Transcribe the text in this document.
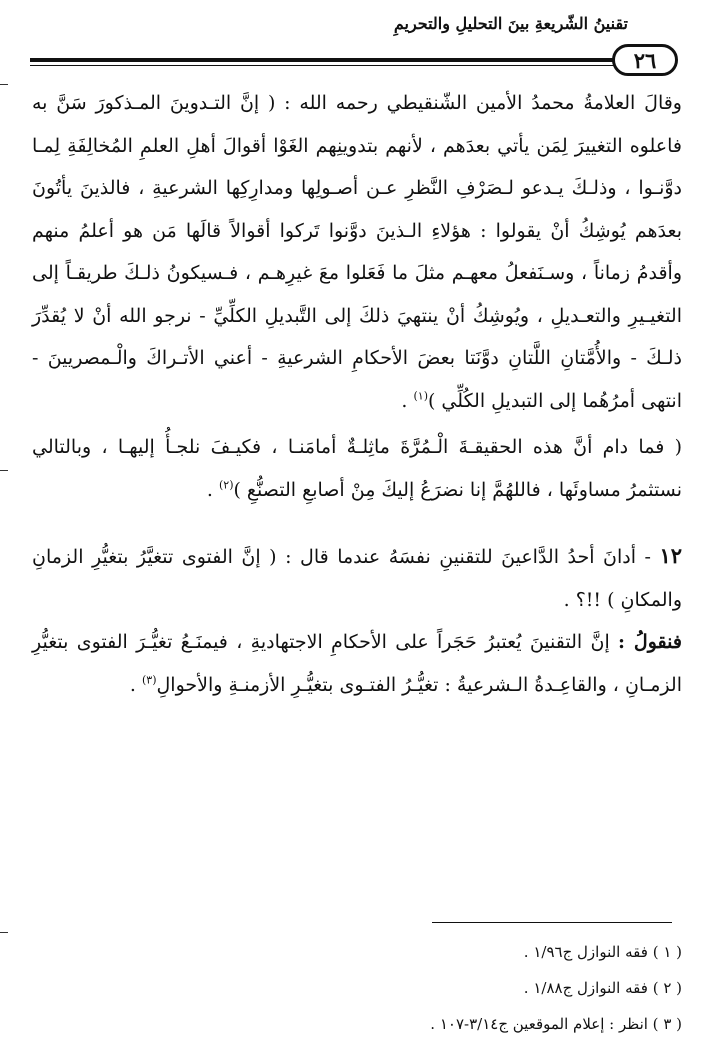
تقنينُ الشّريعةِ بينَ التحليلِ والتحريمِ
٢٦

وقالَ العلامةُ محمدُ الأمين الشّنقيطي رحمه الله : ( إنَّ التـدوينَ المـذكورَ سَنَّ به فاعلوه التغييرَ لِمَن يأتي بعدَهم ، لأنهم بتدوينِهم الغَوْا أقوالَ أهلِ العلمِ المُخالِفَةِ لِمـا دوَّنـوا ، وذلـكَ يـدعو لـصَرْفِ النَّظرِ عـن أصـولِها ومدارِكِها الشرعيةِ ، فالذينَ يأتُونَ بعدَهم يُوشِكُ أنْ يقولوا : هؤلاءِ الـذينَ دوَّنوا تَركوا أقوالاً قالَها مَن هو أعلمُ منهم وأقدمُ زماناً ، وسـنَفعلُ معهـم مثلَ ما فَعَلوا معَ غيرِهـم ، فـسيكونُ ذلـكَ طريقـاً إلى التغيـيرِ والتعـديلِ ، ويُوشِكُ أنْ ينتهيَ ذلكَ إلى التَّبديلِ الكلِّيِّ - نرجو الله أنْ لا يُقدِّرَ ذلـكَ - والأُمَّتانِ اللَّتانِ دوَّنَتا بعضَ الأحكامِ الشرعيةِ - أعني الأتـراكَ والْـمصريينَ - انتهى أمرُهُما إلى التبديلِ الكُلِّي )$^{(١)}$ .

( فما دام أنَّ هذه الحقيقـةَ الْـمُرَّةَ ماثِلـةٌ أمامَنـا ، فكيـفَ نلجـأُ إليهـا ، وبالتالي نستثمرُ مساوئَها ، فاللهُمَّ إنا نضرَعُ إليكَ مِنْ أصابعِ التصنُّعِ )$^{(٢)}$ .

١٢ - أدانَ أحدُ الدَّاعينَ للتقنينِ نفسَهُ عندما قال : ( إنَّ الفتوى تتغيَّرُ بتغيُّرِ الزمانِ والمكانِ ) !!؟ .

فنقولُ : إنَّ التقنينَ يُعتبرُ حَجَراً على الأحكامِ الاجتهاديةِ ، فيمنَـعُ تغيُّـرَ الفتوى بتغيُّرِ الزمـانِ ، والقاعِـدةُ الـشرعيةُ : تغيُّـرُ الفتـوى بتغيُّـرِ الأزمنـةِ والأحوالِ$^{(٣)}$ .

( ١ ) فقه النوازل ج١/٩٦ .
( ٢ ) فقه النوازل ج١/٨٨ .
( ٣ ) انظر : إعلام الموقعين ج٣/١٤-١٠٧ .
